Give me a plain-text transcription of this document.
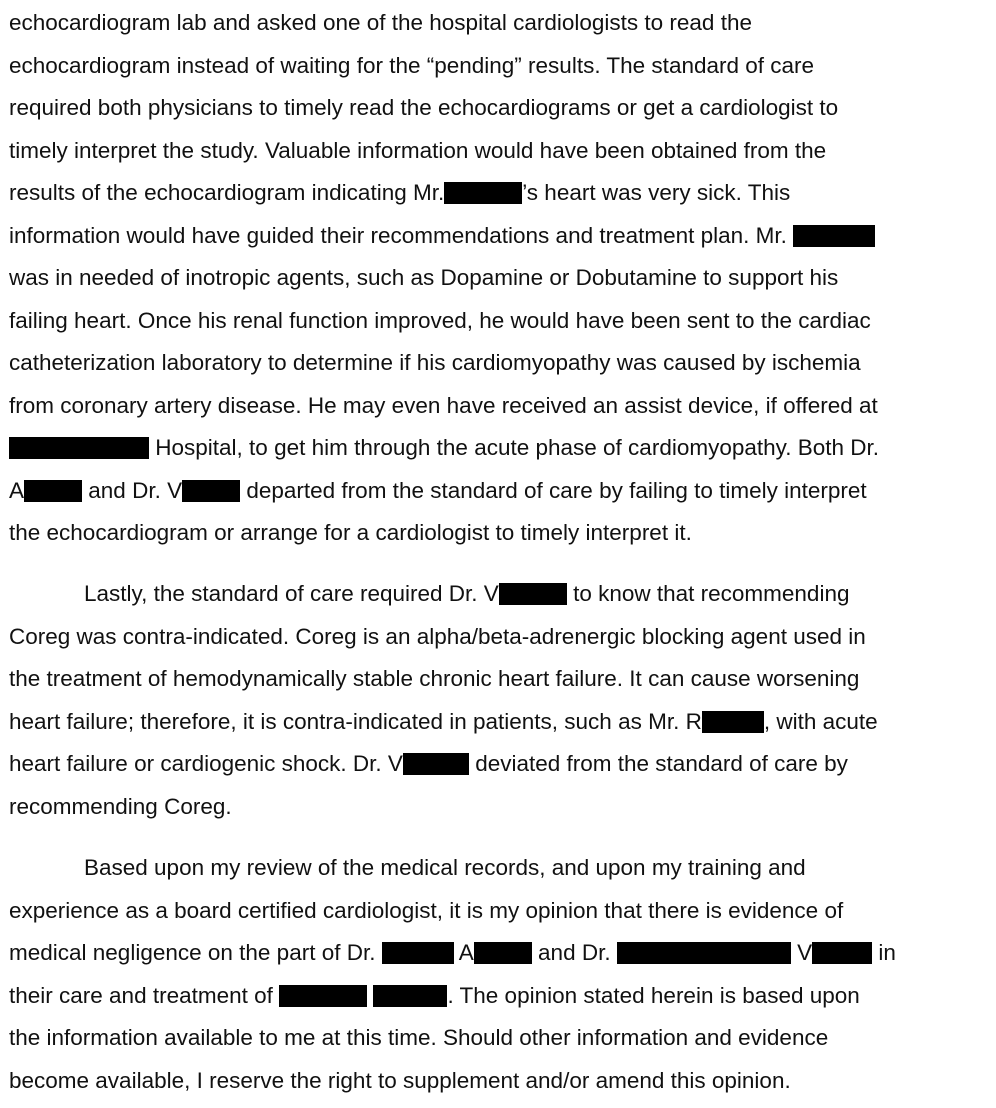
echocardiogram lab and asked one of the hospital cardiologists to read the
echocardiogram instead of waiting for the “pending” results. The standard of care
required both physicians to timely read the echocardiograms or get a cardiologist to
timely interpret the study. Valuable information would have been obtained from the
results of the echocardiogram indicating Mr.	’s heart was very sick. This
information would have guided their recommendations and treatment plan. Mr.
was in needed of inotropic agents, such as Dopamine or Dobutamine to support his
failing heart. Once his renal function improved, he would have been sent to the cardiac
catheterization laboratory to determine if his cardiomyopathy was caused by ischemia
from coronary artery disease. He may even have received an assist device, if offered at
Hospital, to get him through the acute phase of cardiomyopathy. Both Dr.
A	and Dr. V	departed from the standard of care by failing to timely interpret
the echocardiogram or arrange for a cardiologist to timely interpret it.
Lastly, the standard of care required Dr. V	to know that recommending
Coreg was contra-indicated. Coreg is an alpha/beta-adrenergic blocking agent used in
the treatment of hemodynamically stable chronic heart failure. It can cause worsening
heart failure; therefore, it is contra-indicated in patients, such as Mr. R	, with acute
heart failure or cardiogenic shock. Dr. V	deviated from the standard of care by
recommending Coreg.
Based upon my review of the medical records, and upon my training and
experience as a board certified cardiologist, it is my opinion that there is evidence of
medical negligence on the part of Dr.	A	and Dr.	V	in
their care and treatment of	. The opinion stated herein is based upon
the information available to me at this time. Should other information and evidence
become available, I reserve the right to supplement and/or amend this opinion.
